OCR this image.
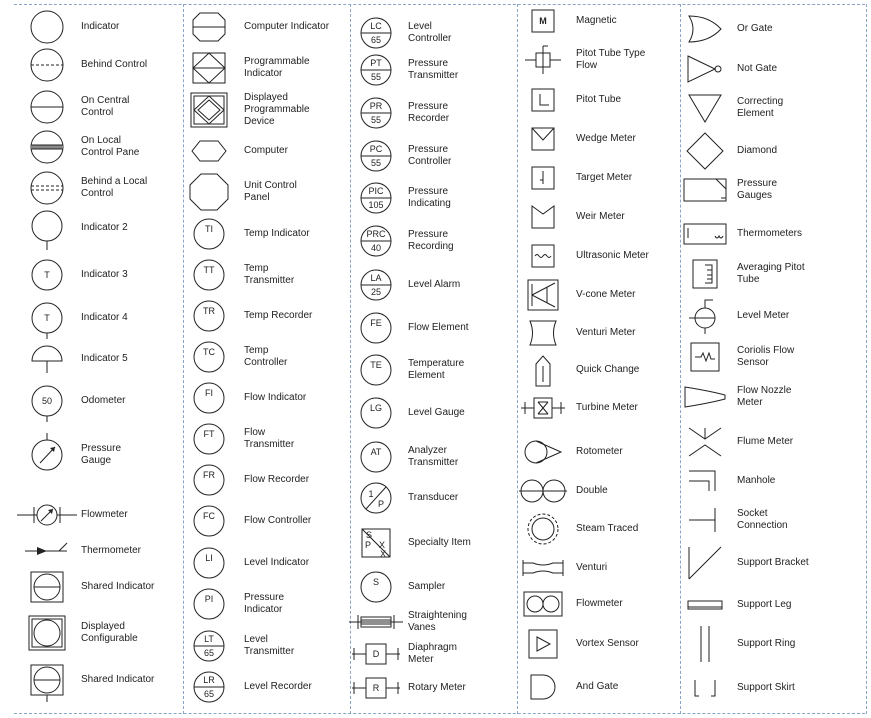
Indicator
Behind Control
On Central
Control
On Local
Control Pane
Behind a Local
Control
Indicator 2
T	Indicator 3
T	Indicator 4
Indicator 5
50	Odometer
Pressure
Gauge
Flowmeter
Thermometer
Shared Indicator
Displayed
Configurable
Shared Indicator
Computer Indicator
Programmable
Indicator
Displayed
Programmable
Device
Computer
Unit Control
Panel
TI	Temp Indicator
TT	Temp
Transmitter
TR	Temp Recorder
TC	Temp
Controller
FI	Flow Indicator
FT	Flow
Transmitter
FR	Flow Recorder
FC	Flow Controller
LI	Level Indicator
PI	Pressure
Indicator
LT
65
Level
Transmitter
LR
65
Level Recorder
LC
65
Level
Controller
PT
55
Pressure
Transmitter
PR
55
Pressure
Recorder
PC
55
Pressure
Controller
PIC
105
Pressure
Indicating
PRC
40
Pressure
Recording
LA
25
Level Alarm
FE	Flow Element
TE	Temperature
Element
LG	Level Gauge
AT	Analyzer
Transmitter
1
P
Transducer
S
P X
X
Specialty Item
S	Sampler
Straightening
Vanes
D
Diaphragm
Meter
R	Rotary Meter
M	Magnetic
Pitot Tube Type
Flow
Pitot Tube
Wedge Meter
Target Meter
Weir Meter
Ultrasonic Meter
V-cone Meter
Venturi Meter
Quick Change
Turbine Meter
Rotometer
Double
Steam Traced
Venturi
Flowmeter
Vortex Sensor
And Gate
Or Gate
Not Gate
Correcting
Element
Diamond
Pressure
Gauges
Thermometers
Averaging Pitot
Tube
Level Meter
Coriolis Flow
Sensor
Flow Nozzle
Meter
Flume Meter
Manhole
Socket
Connection
Support Bracket
Support Leg
Support Ring
Support Skirt
